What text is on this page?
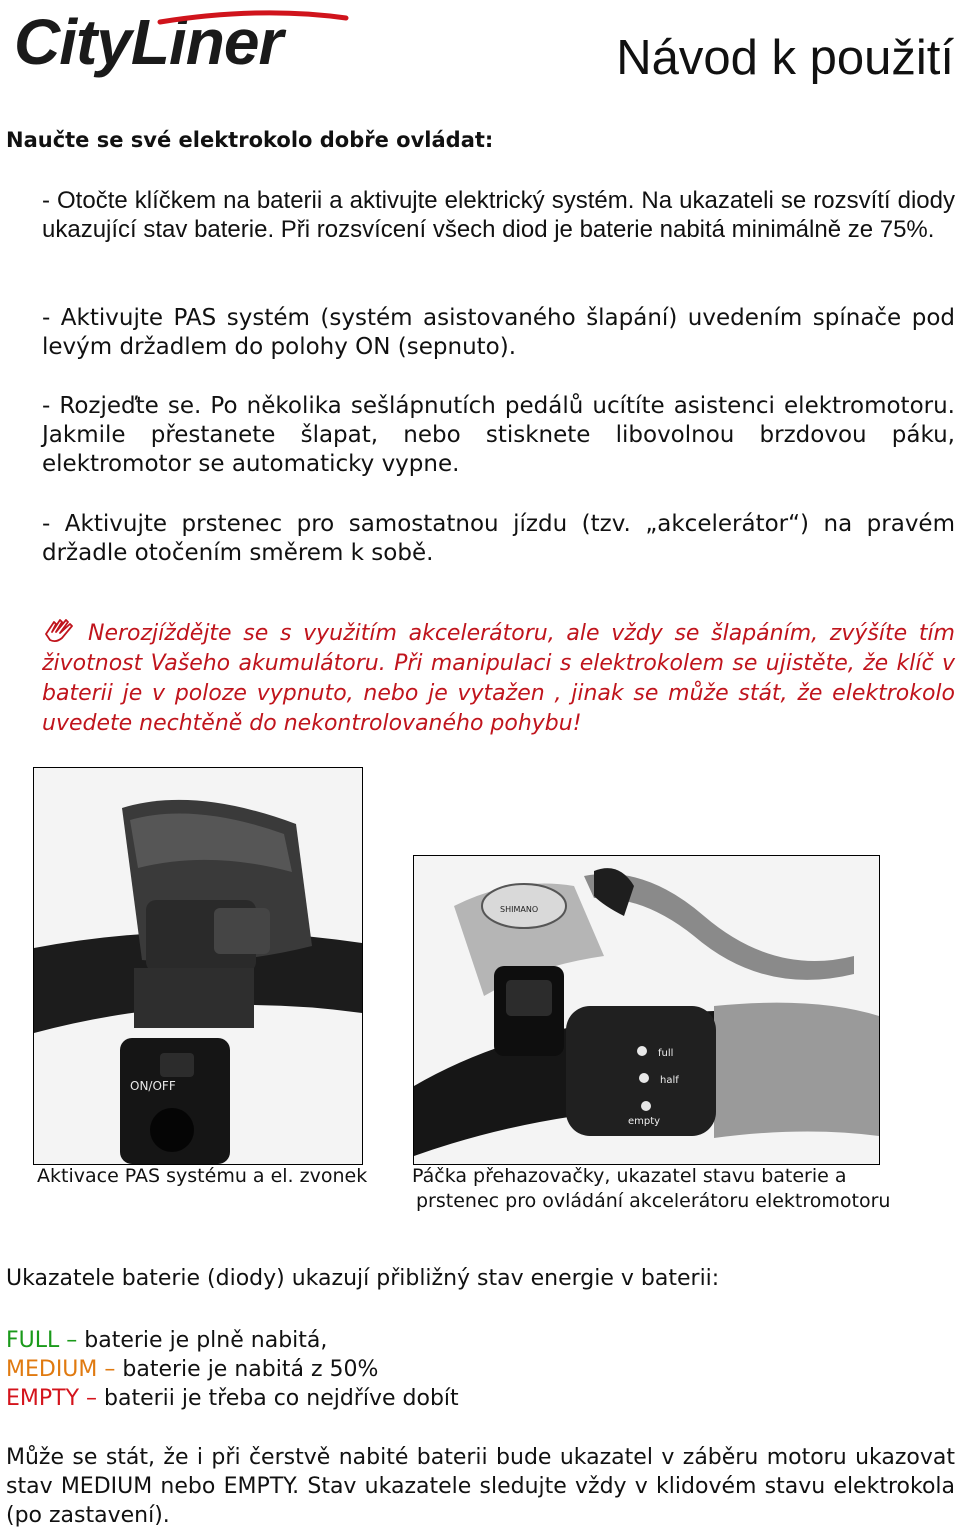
CityLiner	Návod k použití
Naučte se své elektrokolo dobře ovládat:

- Otočte klíčkem na baterii a aktivujte elektrický systém. Na ukazateli se rozsvítí diody ukazující stav baterie. Při rozsvícení všech diod je baterie nabitá minimálně ze 75%.

- Aktivujte PAS systém (systém asistovaného šlapání) uvedením spínače pod levým držadlem do polohy ON (sepnuto).

- Rozjeďte se. Po několika sešlápnutích pedálů ucítíte asistenci elektromotoru. Jakmile přestanete šlapat, nebo stisknete libovolnou brzdovou páku, elektromotor se automaticky vypne.

- Aktivujte prstenec pro samostatnou jízdu (tzv. „akcelerátor“) na pravém držadle otočením směrem k sobě.

Nerozjíždějte se s využitím akcelerátoru, ale vždy se šlapáním, zvýšíte tím životnost Vašeho akumulátoru. Při manipulaci s elektrokolem se ujistěte, že klíč v baterii je v poloze vypnuto, nebo je vytažen , jinak se může stát, že elektrokolo uvedete nechtěně do nekontrolovaného pohybu!

ON/OFF
SHIMANO
full
half
empty
Aktivace PAS systému a el. zvonek Páčka přehazovačky, ukazatel stavu baterie a
prstenec pro ovládání akcelerátoru elektromotoru
Ukazatele baterie (diody) ukazují přibližný stav energie v baterii:
FULL – baterie je plně nabitá,
MEDIUM – baterie je nabitá z 50%
EMPTY – baterii je třeba co nejdříve dobít

Může se stát, že i při čerstvě nabité baterii bude ukazatel v záběru motoru ukazovat stav MEDIUM nebo EMPTY. Stav ukazatele sledujte vždy v klidovém stavu elektrokola (po zastavení).
